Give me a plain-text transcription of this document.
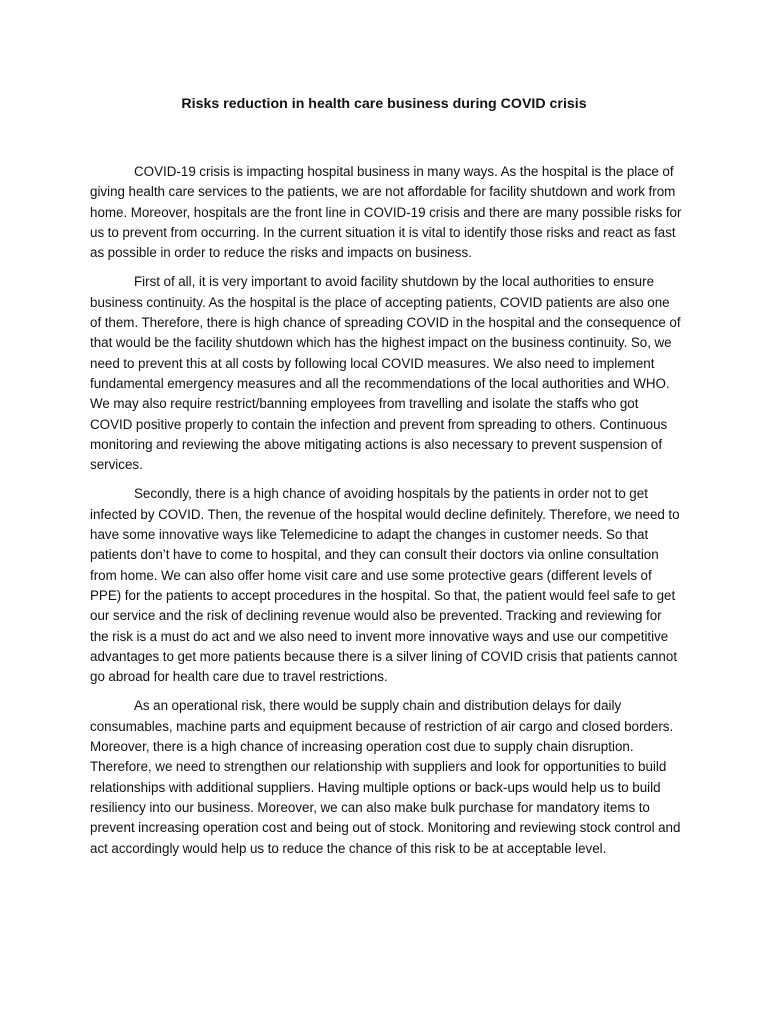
Risks reduction in health care business during COVID crisis

COVID-19 crisis is impacting hospital business in many ways. As the hospital is the place of giving health care services to the patients, we are not affordable for facility shutdown and work from home. Moreover, hospitals are the front line in COVID-19 crisis and there are many possible risks for us to prevent from occurring. In the current situation it is vital to identify those risks and react as fast as possible in order to reduce the risks and impacts on business.

First of all, it is very important to avoid facility shutdown by the local authorities to ensure business continuity. As the hospital is the place of accepting patients, COVID patients are also one of them. Therefore, there is high chance of spreading COVID in the hospital and the consequence of that would be the facility shutdown which has the highest impact on the business continuity. So, we need to prevent this at all costs by following local COVID measures. We also need to implement fundamental emergency measures and all the recommendations of the local authorities and WHO. We may also require restrict/banning employees from travelling and isolate the staffs who got COVID positive properly to contain the infection and prevent from spreading to others. Continuous monitoring and reviewing the above mitigating actions is also necessary to prevent suspension of services.

Secondly, there is a high chance of avoiding hospitals by the patients in order not to get infected by COVID. Then, the revenue of the hospital would decline definitely. Therefore, we need to have some innovative ways like Telemedicine to adapt the changes in customer needs. So that patients don’t have to come to hospital, and they can consult their doctors via online consultation from home. We can also offer home visit care and use some protective gears (different levels of PPE) for the patients to accept procedures in the hospital. So that, the patient would feel safe to get our service and the risk of declining revenue would also be prevented. Tracking and reviewing for the risk is a must do act and we also need to invent more innovative ways and use our competitive advantages to get more patients because there is a silver lining of COVID crisis that patients cannot go abroad for health care due to travel restrictions.

As an operational risk, there would be supply chain and distribution delays for daily consumables, machine parts and equipment because of restriction of air cargo and closed borders. Moreover, there is a high chance of increasing operation cost due to supply chain disruption. Therefore, we need to strengthen our relationship with suppliers and look for opportunities to build relationships with additional suppliers. Having multiple options or back-ups would help us to build resiliency into our business. Moreover, we can also make bulk purchase for mandatory items to prevent increasing operation cost and being out of stock. Monitoring and reviewing stock control and act accordingly would help us to reduce the chance of this risk to be at acceptable level.
